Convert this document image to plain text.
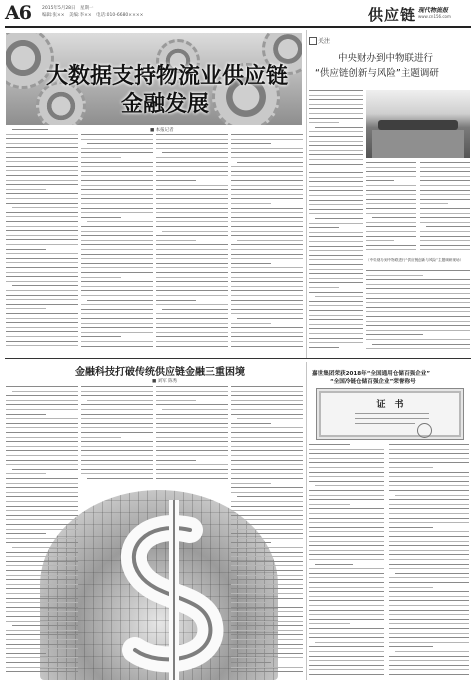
A6 2015年5月28日　星期一
编辑:张××　美编:李××　电话:010-6680××××	供应链 现代物流报
www.cn156.com
大数据支持物流业供应链
金融发展
■ 本报记者
关注
中央财办到中物联进行
“供应链创新与风险”主题调研
（中央财办到中物联进行“供应链创新与风险”主题调研现场）
金融科技打破传统供应链金融三重困境
■ 刘军 陈秀
嘉世集团荣获2018年“全国通用仓储百强企业”
“全国冷链仓储百强企业”荣誉称号
证　书
